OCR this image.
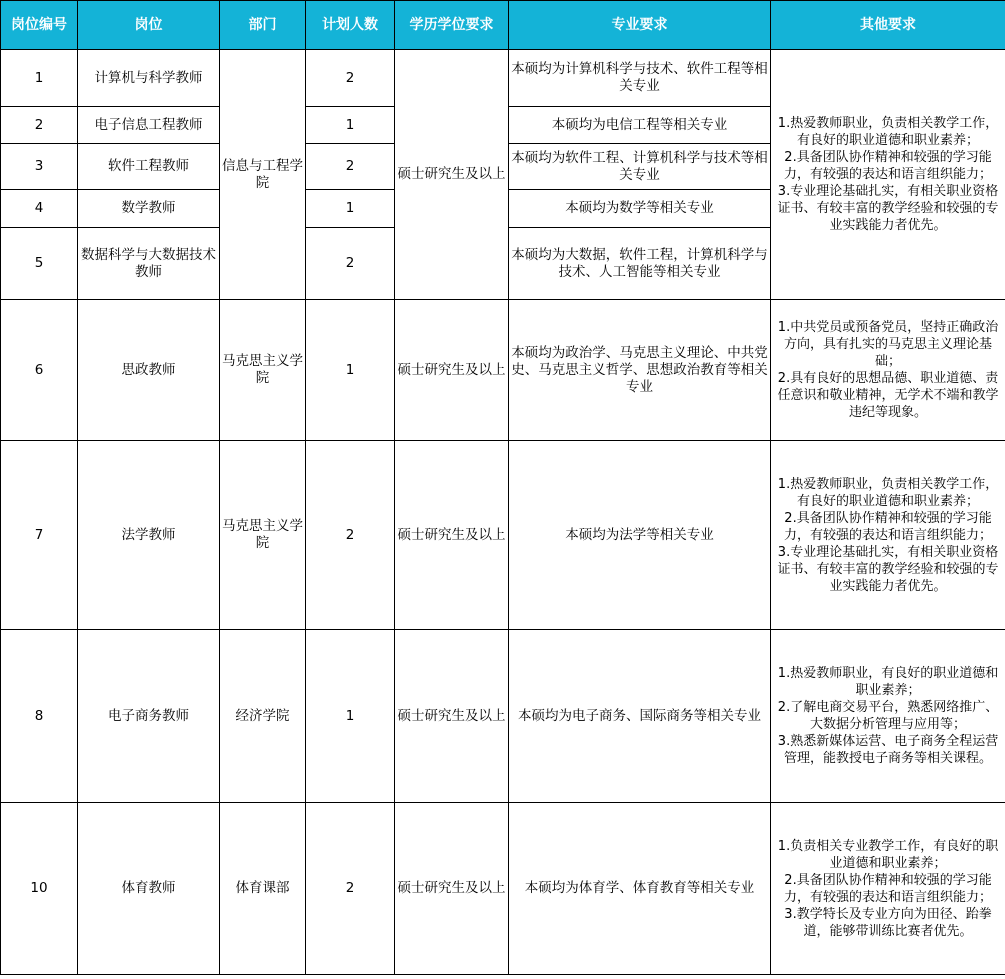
岗位编号	岗位	部门	计划人数	学历学位要求	专业要求	其他要求
1	计算机与科学教师	信息与工程学院	2	硕士研究生及以上	本硕均为计算机科学与技术、软件工程等相关专业	1.热爱教师职业，负责相关教学工作，有良好的职业道德和职业素养；
2.具备团队协作精神和较强的学习能力，有较强的表达和语言组织能力；
3.专业理论基础扎实，有相关职业资格证书、有较丰富的教学经验和较强的专业实践能力者优先。

2	电子信息工程教师		1		本硕均为电信工程等相关专业	
3	软件工程教师		2		本硕均为软件工程、计算机科学与技术等相关专业	
4	数学教师		1		本硕均为数学等相关专业	
5	数据科学与大数据技术教师		2		本硕均为大数据，软件工程，计算机科学与技术、人工智能等相关专业	
6	思政教师	马克思主义学院	1	硕士研究生及以上	本硕均为政治学、马克思主义理论、中共党史、马克思主义哲学、思想政治教育等相关专业	1.中共党员或预备党员，坚持正确政治方向，具有扎实的马克思主义理论基础；
2.具有良好的思想品德、职业道德、责任意识和敬业精神，无学术不端和教学违纪等现象。

7	法学教师	马克思主义学院	2	硕士研究生及以上	本硕均为法学等相关专业	1.热爱教师职业，负责相关教学工作，有良好的职业道德和职业素养；
2.具备团队协作精神和较强的学习能力，有较强的表达和语言组织能力；
3.专业理论基础扎实，有相关职业资格证书、有较丰富的教学经验和较强的专业实践能力者优先。

8	电子商务教师	经济学院	1	硕士研究生及以上	本硕均为电子商务、国际商务等相关专业	1.热爱教师职业，有良好的职业道德和职业素养；
2.了解电商交易平台，熟悉网络推广、大数据分析管理与应用等；
3.熟悉新媒体运营、电子商务全程运营管理，能教授电子商务等相关课程。

10	体育教师	体育课部	2	硕士研究生及以上	本硕均为体育学、体育教育等相关专业	1.负责相关专业教学工作，有良好的职业道德和职业素养；
2.具备团队协作精神和较强的学习能力，有较强的表达和语言组织能力；
3.教学特长及专业方向为田径、跆拳道，能够带训练比赛者优先。
